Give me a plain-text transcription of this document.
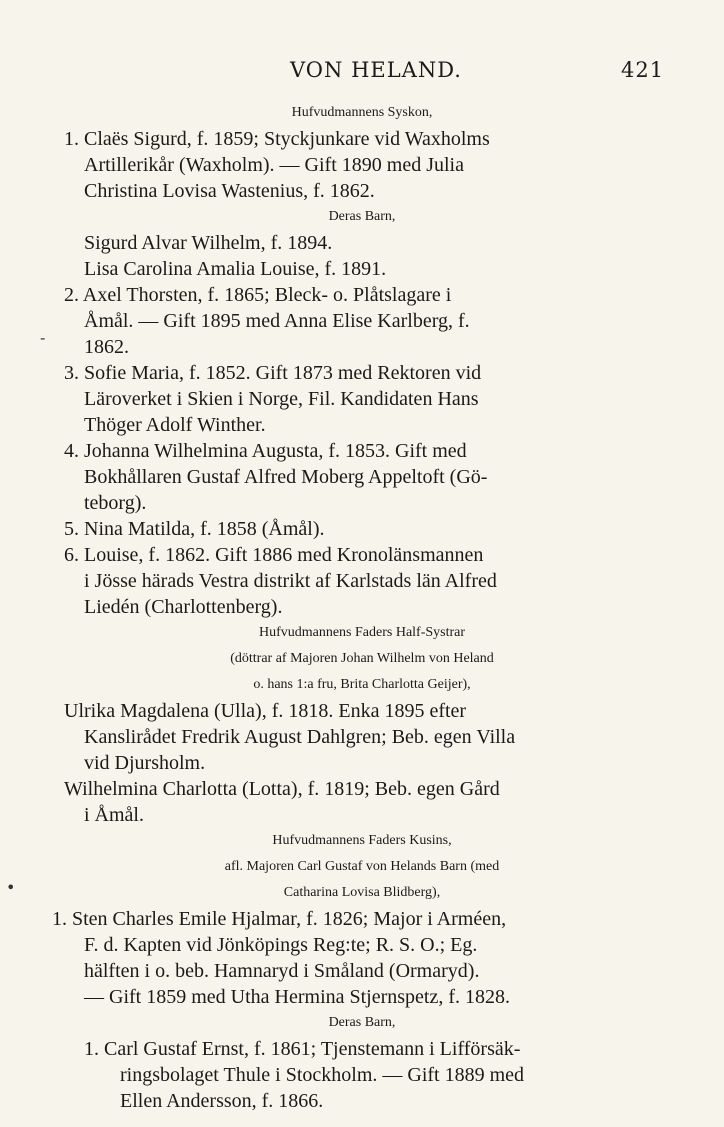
VON HELAND.	421
-
•
Hufvudmannens Syskon,
1. Claës Sigurd, f. 1859; Styckjunkare vid Waxholms
Artillerikår (Waxholm). — Gift 1890 med Julia
Christina Lovisa Wastenius, f. 1862.
Deras Barn,
Sigurd Alvar Wilhelm, f. 1894.
Lisa Carolina Amalia Louise, f. 1891.
2. Axel Thorsten, f. 1865; Bleck- o. Plåtslagare i
Åmål. — Gift 1895 med Anna Elise Karlberg, f.
1862.
3. Sofie Maria, f. 1852. Gift 1873 med Rektoren vid
Läroverket i Skien i Norge, Fil. Kandidaten Hans
Thöger Adolf Winther.
4. Johanna Wilhelmina Augusta, f. 1853. Gift med
Bokhållaren Gustaf Alfred Moberg Appeltoft (Gö-
teborg).
5. Nina Matilda, f. 1858 (Åmål).
6. Louise, f. 1862. Gift 1886 med Kronolänsmannen
i Jösse härads Vestra distrikt af Karlstads län Alfred
Liedén (Charlottenberg).
Hufvudmannens Faders Half-Systrar
(döttrar af Majoren Johan Wilhelm von Heland
o. hans 1:a fru, Brita Charlotta Geijer),
Ulrika Magdalena (Ulla), f. 1818. Enka 1895 efter
Kanslirådet Fredrik August Dahlgren; Beb. egen Villa
vid Djursholm.
Wilhelmina Charlotta (Lotta), f. 1819; Beb. egen Gård
i Åmål.
Hufvudmannens Faders Kusins,
afl. Majoren Carl Gustaf von Helands Barn (med
Catharina Lovisa Blidberg),
1. Sten Charles Emile Hjalmar, f. 1826; Major i Arméen,
F. d. Kapten vid Jönköpings Reg:te; R. S. O.; Eg.
hälften i o. beb. Hamnaryd i Småland (Ormaryd).
— Gift 1859 med Utha Hermina Stjernspetz, f. 1828.
Deras Barn,
1. Carl Gustaf Ernst, f. 1861; Tjenstemann i Lifförsäk-
ringsbolaget Thule i Stockholm. — Gift 1889 med
Ellen Andersson, f. 1866.
